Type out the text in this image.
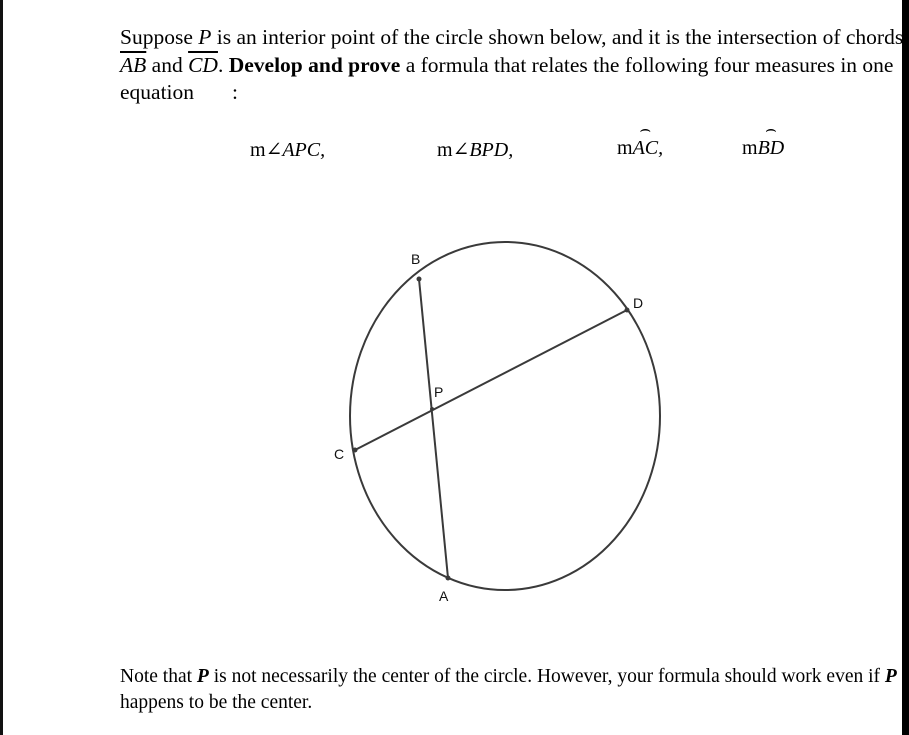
Suppose P is an interior point of the circle shown below, and it is the intersection of chords
$\overline{AB}$ and $\overline{CD}$. Develop and prove a formula that relates the following four measures in one
equation :
m∠APC,	m∠BPD,	m⌢ AC,	m⌢ BD
B
D
P
C
A
Note that P is not necessarily the center of the circle. However, your formula should work even if P
happens to be the center.
